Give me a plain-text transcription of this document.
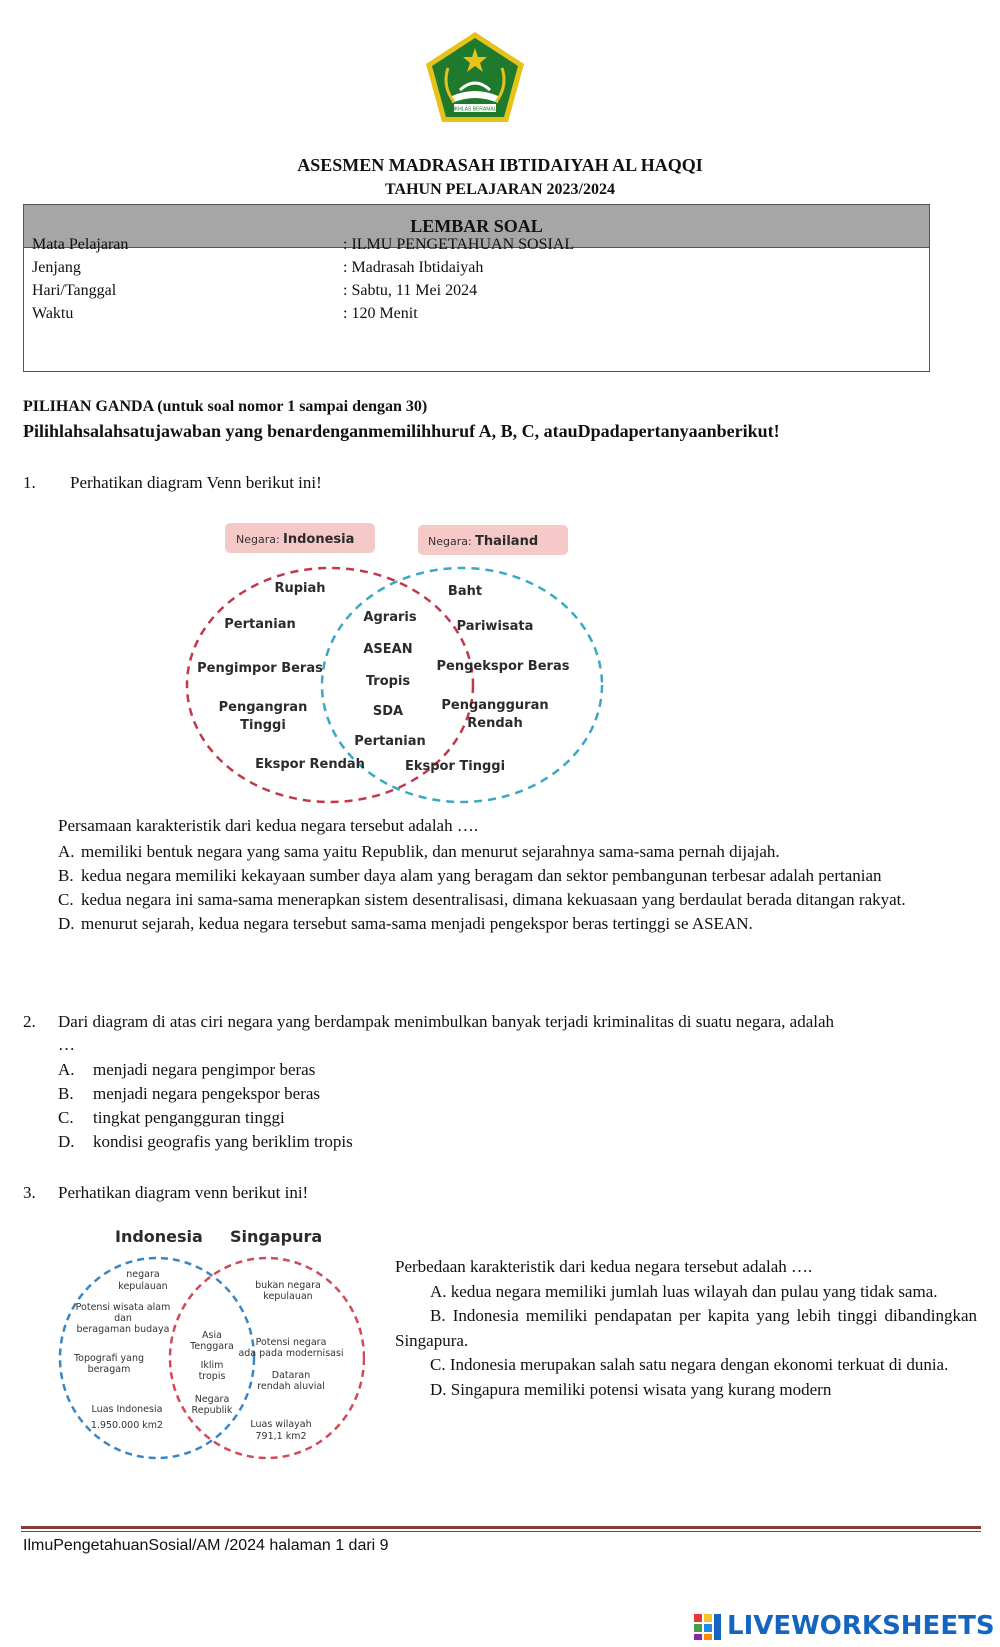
IKHLAS BERAMAL
ASESMEN MADRASAH IBTIDAIYAH AL HAQQI
TAHUN PELAJARAN 2023/2024
LEMBAR SOAL
Mata Pelajaran	: ILMU PENGETAHUAN SOSIAL
Jenjang	: Madrasah Ibtidaiyah
Hari/Tanggal	: Sabtu, 11 Mei 2024
Waktu	: 120 Menit
PILIHAN GANDA (untuk soal nomor 1 sampai dengan 30)
Pilihlahsalahsatujawaban yang benardenganmemilihhuruf A, B, C, atauDpadapertanyaanberikut!
1. Perhatikan diagram Venn berikut ini!
Negara: Indonesia	Negara: Thailand
Rupiah
Pertanian
Pengimpor Beras
Pengangran
Tinggi
Ekspor Rendah
Agraris
ASEAN
Tropis
SDA
Pertanian
Baht
Pariwisata
Pengekspor Beras
Pengangguran
Rendah
Ekspor Tinggi
Persamaan karakteristik dari kedua negara tersebut adalah ….

A. memiliki bentuk negara yang sama yaitu Republik, dan menurut sejarahnya sama-sama pernah dijajah.

B. kedua negara memiliki kekayaan sumber daya alam yang beragam dan sektor pembangunan terbesar adalah pertanian

C. kedua negara ini sama-sama menerapkan sistem desentralisasi, dimana kekuasaan yang berdaulat berada ditangan rakyat.

D. menurut sejarah, kedua negara tersebut sama-sama menjadi pengekspor beras tertinggi se ASEAN.

2. Dari diagram di atas ciri negara yang berdampak menimbulkan banyak terjadi kriminalitas di suatu negara, adalah
…
A. menjadi negara pengimpor beras
B. menjadi negara pengekspor beras
C. tingkat pengangguran tinggi
D. kondisi geografis yang beriklim tropis
3. Perhatikan diagram venn berikut ini!
Indonesia Singapura
negara
kepulauan
Potensi wisata alam
dan
beragaman budaya
Topografi yang
beragam
Luas Indonesia
1.950.000 km2
Asia
Tenggara
Iklim
tropis
Negara
Republik
bukan negara
kepulauan
Potensi negara
ada pada modernisasi
Dataran
rendah aluvial
Luas wilayah
791,1 km2

Perbedaan karakteristik dari kedua negara tersebut adalah ….

A. kedua negara memiliki jumlah luas wilayah dan pulau yang tidak sama.

B. Indonesia memiliki pendapatan per kapita yang lebih tinggi dibandingkan Singapura.

C. Indonesia merupakan salah satu negara dengan ekonomi terkuat di dunia.

D. Singapura memiliki potensi wisata yang kurang modern

IlmuPengetahuanSosial/AM /2024 halaman 1 dari 9
LIVEWORKSHEETS
